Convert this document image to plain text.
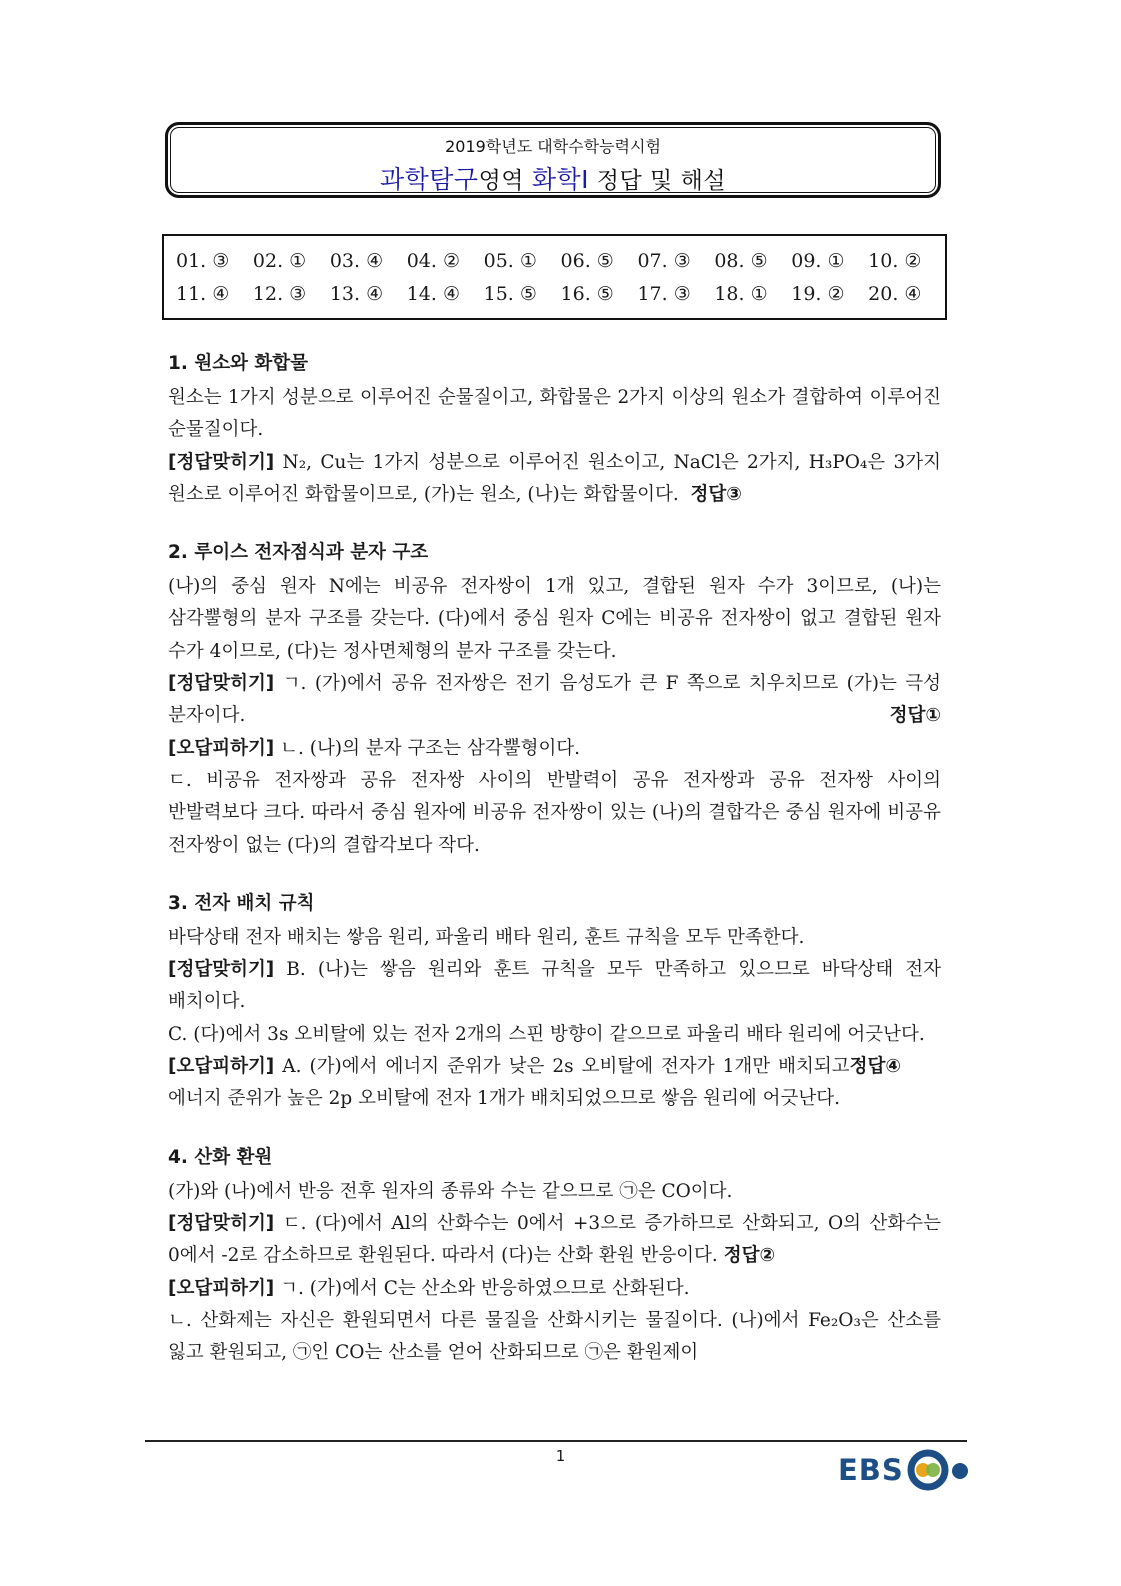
2019학년도 대학수학능력시험
과학탐구영역 화학Ⅰ 정답 및 해설
01. ③	02. ①	03. ④	04. ②	05. ①	06. ⑤	07. ③	08. ⑤	09. ①	10. ②
11. ④	12. ③	13. ④	14. ④	15. ⑤	16. ⑤	17. ③	18. ①	19. ②	20. ④
1. 원소와 화합물
원소는 1가지 성분으로 이루어진 순물질이고, 화합물은 2가지 이상의 원소가 결합하여 이루어진 순물질이다.
[정답맞히기] N₂, Cu는 1가지 성분으로 이루어진 원소이고, NaCl은 2가지, H₃PO₄은 3가지 원소로 이루어진 화합물이므로, (가)는 원소, (나)는 화합물이다. 정답③
2. 루이스 전자점식과 분자 구조
(나)의 중심 원자 N에는 비공유 전자쌍이 1개 있고, 결합된 원자 수가 3이므로, (나)는 삼각뿔형의 분자 구조를 갖는다. (다)에서 중심 원자 C에는 비공유 전자쌍이 없고 결합된 원자 수가 4이므로, (다)는 정사면체형의 분자 구조를 갖는다.
[정답맞히기] ㄱ. (가)에서 공유 전자쌍은 전기 음성도가 큰 F 쪽으로 치우치므로 (가)는 극성 분자이다.	정답①
[오답피하기] ㄴ. (나)의 분자 구조는 삼각뿔형이다.
ㄷ. 비공유 전자쌍과 공유 전자쌍 사이의 반발력이 공유 전자쌍과 공유 전자쌍 사이의 반발력보다 크다. 따라서 중심 원자에 비공유 전자쌍이 있는 (나)의 결합각은 중심 원자에 비공유 전자쌍이 없는 (다)의 결합각보다 작다.
3. 전자 배치 규칙
바닥상태 전자 배치는 쌓음 원리, 파울리 배타 원리, 훈트 규칙을 모두 만족한다.
[정답맞히기] B. (나)는 쌓음 원리와 훈트 규칙을 모두 만족하고 있으므로 바닥상태 전자 배치이다.
C. (다)에서 3s 오비탈에 있는 전자 2개의 스핀 방향이 같으므로 파울리 배타 원리에 어긋난다.
정답④
[오답피하기] A. (가)에서 에너지 준위가 낮은 2s 오비탈에 전자가 1개만 배치되고 에너지 준위가 높은 2p 오비탈에 전자 1개가 배치되었으므로 쌓음 원리에 어긋난다.
4. 산화 환원
(가)와 (나)에서 반응 전후 원자의 종류와 수는 같으므로 ㉠은 CO이다.
[정답맞히기] ㄷ. (다)에서 Al의 산화수는 0에서 +3으로 증가하므로 산화되고, O의 산화수는 0에서 -2로 감소하므로 환원된다. 따라서 (다)는 산화 환원 반응이다. 정답②
[오답피하기] ㄱ. (가)에서 C는 산소와 반응하였으므로 산화된다.
ㄴ. 산화제는 자신은 환원되면서 다른 물질을 산화시키는 물질이다. (나)에서 Fe₂O₃은 산소를 잃고 환원되고, ㉠인 CO는 산소를 얻어 산화되므로 ㉠은 환원제이
1	EBS
